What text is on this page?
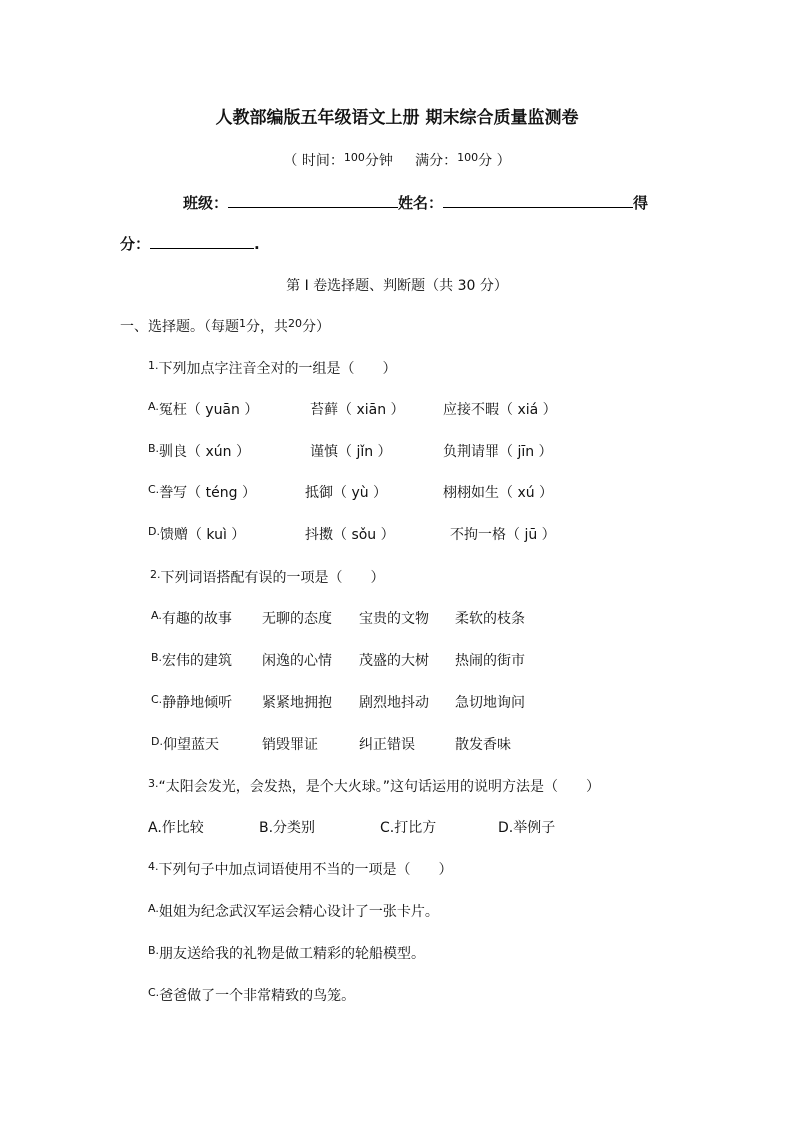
人教部编版五年级语文上册 期末综合质量监测卷
（ 时间：$^{100}$分钟 满分：$^{100}$分 ）
班级：	姓名：	得
分：	.
第 I 卷选择题、判断题（共 30 分）
一、选择题。（每题$^1$分，共$^{20}$分）
$^{1.}$下列加点字注音全对的一组是（　　）
$^{A.}$冤枉（ yuān ）	苔藓（ xiān ）	应接不暇（ xiá ）
$^{B.}$驯良（ xún ）	谨慎（ jǐn ）	负荆请罪（ jīn ）
$^{C.}$誊写（ téng ）	抵御（ yù ）	栩栩如生（ xú ）
$^{D.}$馈赠（ kuì ）	抖擞（ sǒu ）	不拘一格（ jū ）
$^{2.}$下列词语搭配有误的一项是（　　）
$^{A.}$有趣的故事 无聊的态度 宝贵的文物 柔软的枝条
$^{B.}$宏伟的建筑 闲逸的心情 茂盛的大树 热闹的街市
$^{C.}$静静地倾听 紧紧地拥抱 剧烈地抖动 急切地询问
$^{D.}$仰望蓝天	销毁罪证	纠正错误	散发香味
$^{3.}$“太阳会发光，会发热，是个大火球。”这句话运用的说明方法是（　　）
A.作比较	B.分类别	C.打比方	D.举例子
$^{4.}$下列句子中加点词语使用不当的一项是（　　）
$^{A.}$姐姐为纪念武汉军运会精心设计了一张卡片。
$^{B.}$朋友送给我的礼物是做工精彩的轮船模型。
$^{C.}$爸爸做了一个非常精致的鸟笼。
